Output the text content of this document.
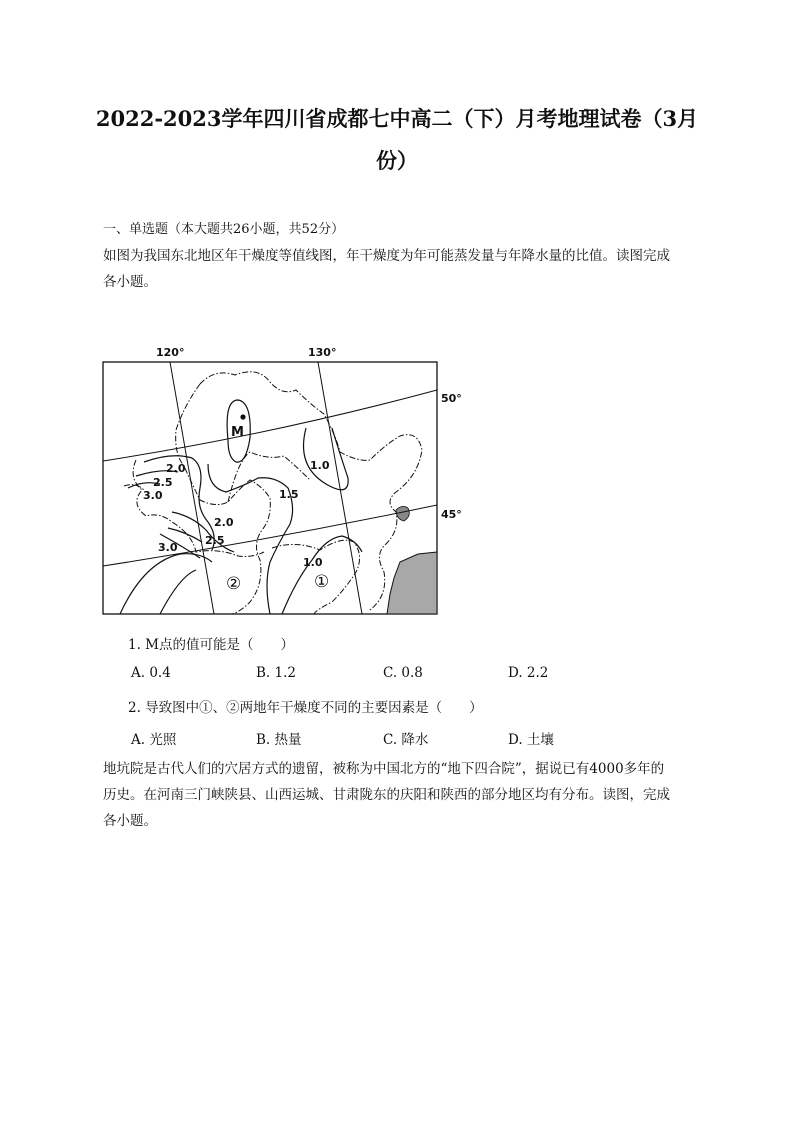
2022-2023学年四川省成都七中高二（下）月考地理试卷（3月
份）
一、单选题（本大题共26小题，共52分）
如图为我国东北地区年干燥度等值线图，年干燥度为年可能蒸发量与年降水量的比值。读图完成
各小题。
120°	130°
50°
45°
M
1.0
1.0
1.5
2.0
2.0
2.5
2.5
3.0
3.0
①
②
1. M点的值可能是（　　）
A. 0.4	B. 1.2	C. 0.8	D. 2.2
2. 导致图中①、②两地年干燥度不同的主要因素是（　　）
A. 光照	B. 热量	C. 降水	D. 土壤
地坑院是古代人们的穴居方式的遗留，被称为中国北方的“地下四合院”，据说已有4000多年的
历史。在河南三门峡陕县、山西运城、甘肃陇东的庆阳和陕西的部分地区均有分布。读图，完成
各小题。
